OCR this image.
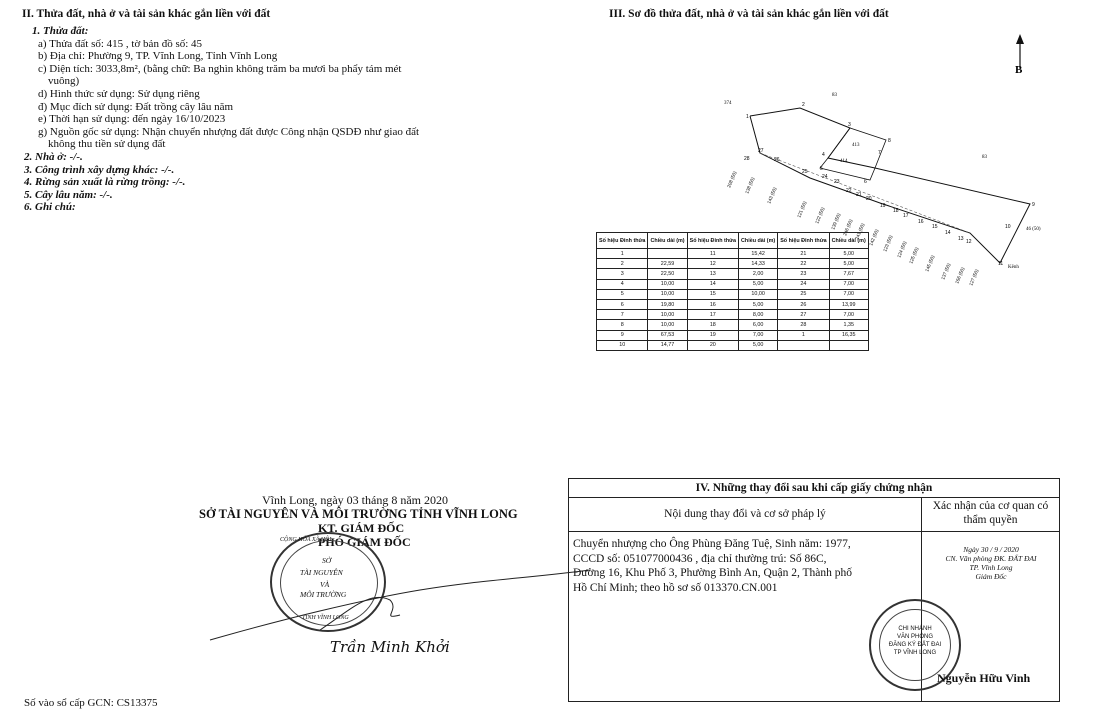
II. Thửa đất, nhà ở và tài sản khác gắn liền với đất
1. Thửa đất:
a) Thửa đất số: 415 , tờ bản đồ số: 45
b) Địa chỉ: Phường 9, TP. Vĩnh Long, Tỉnh Vĩnh Long
c) Diện tích: 3033,8m², (bằng chữ: Ba nghìn không trăm ba mươi ba phẩy tám mét
vuông)
d) Hình thức sử dụng: Sử dụng riêng
đ) Mục đích sử dụng: Đất trồng cây lâu năm
e) Thời hạn sử dụng: đến ngày 16/10/2023
g) Nguồn gốc sử dụng: Nhận chuyển nhượng đất được Công nhận QSDĐ như giao đất
không thu tiền sử dụng đất
2. Nhà ở: -/-.
3. Công trình xây dựng khác: -/-.
4. Rừng sản xuất là rừng trồng: -/-.
5. Cây lâu năm: -/-.
6. Ghi chú:
III. Sơ đồ thửa đất, nhà ở và tài sản khác gắn liền với đất
B
374
83
83
413
414
46 (50)
Kênh
1
2
3
4
5
6
7
8
9
10
11
12
13
14
15
16
17
18
19
20
21
22
23
24
25
26
27
28
208 (50) 138 (50)
143 (50)
121 (50) 122 (50) 139 (50) 246 (50) 241 (50) 142 (50) 123 (50) 124 (50) 125 (50) 145 (50) 137 (50) 156 (50) 127 (50)
Số hiệu Đỉnh thửa	Chiều dài (m)	Số hiệu Đỉnh thửa	Chiều dài (m)	Số hiệu Đỉnh thửa	Chiều dài (m)
1		11	15,42	21	5,00
2	22,59	12	14,33	22	5,00
3	22,50	13	2,00	23	7,67
4	10,00	14	5,00	24	7,00
5	10,00	15	10,00	25	7,00
6	19,80	16	5,00	26	13,99
7	10,00	17	8,00	27	7,00
8	10,00	18	6,00	28	1,35
9	67,53	19	7,00	1	16,35
10	14,77	20	5,00		
Vĩnh Long, ngày 03 tháng 8 năm 2020
SỞ TÀI NGUYÊN VÀ MÔI TRƯỜNG TỈNH VĨNH LONG
KT. GIÁM ĐỐC
PHÓ GIÁM ĐỐC
CỘNG HÒA XÃ HỘI
SỞ
TÀI NGUYÊN
VÀ
MÔI TRƯỜNG
TỈNH VĨNH LONG
Trần Minh Khởi
Số vào sổ cấp GCN: CS13375
IV. Những thay đổi sau khi cấp giấy chứng nhận
Nội dung thay đổi và cơ sở pháp lý
Xác nhận của cơ quan có thẩm quyền
Chuyển nhượng cho Ông Phùng Đăng Tuệ, Sinh năm: 1977,
CCCD số: 051077000436 , địa chỉ thường trú: Số 86C,
Đường 16, Khu Phố 3, Phường Bình An, Quận 2, Thành phố
Hồ Chí Minh; theo hồ sơ số 013370.CN.001
Ngày 30 / 9 / 2020
CN. Văn phòng ĐK. ĐẤT ĐAI
TP. Vĩnh Long
Giám Đốc
CHI NHÁNH
VĂN PHÒNG
ĐĂNG KÝ ĐẤT ĐAI
TP VĨNH LONG
Nguyễn Hữu Vinh
